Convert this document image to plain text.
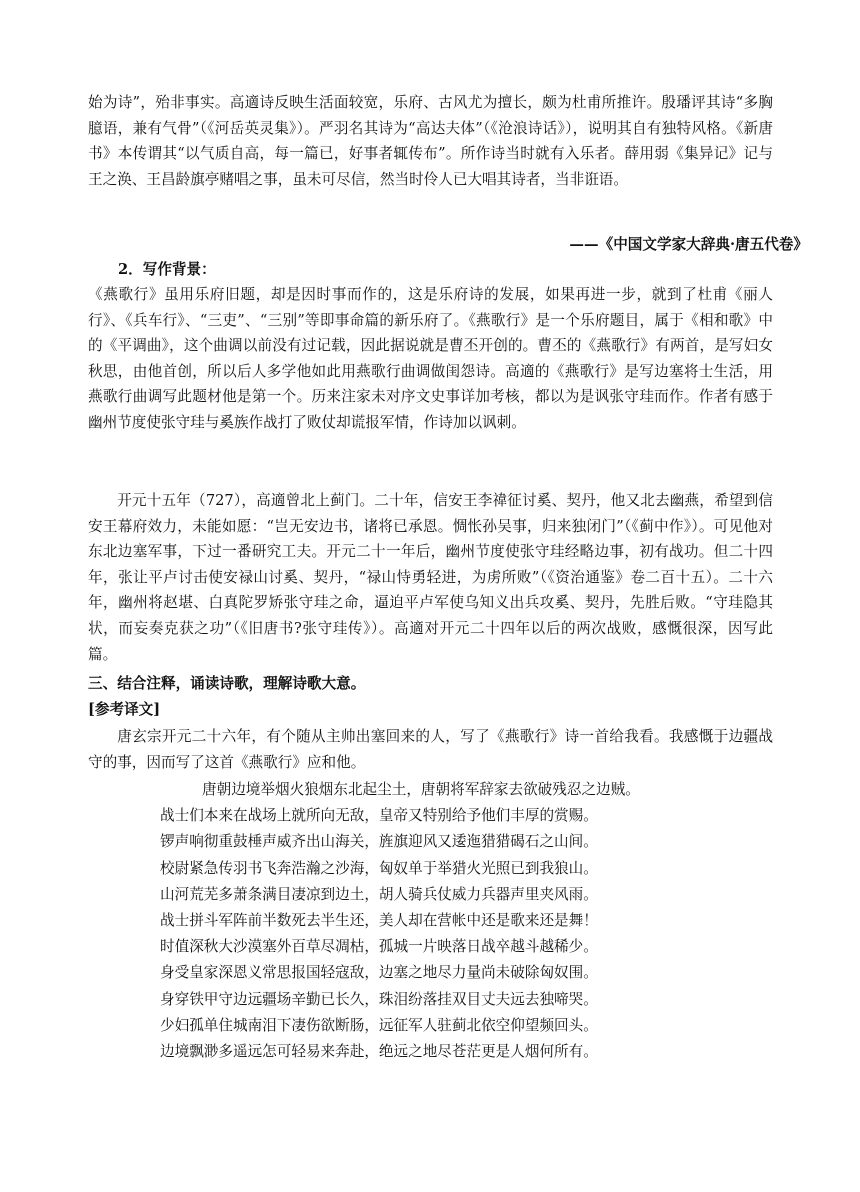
始为诗”，殆非事实。高適诗反映生活面较宽，乐府、古风尤为擅长，颇为杜甫所推许。殷璠评其诗“多胸臆语，兼有气骨”（《河岳英灵集》）。严羽名其诗为“高达夫体”（《沧浪诗话》），说明其自有独特风格。《新唐书》本传谓其“以气质自高，每一篇已，好事者辄传布”。所作诗当时就有入乐者。薛用弱《集异记》记与王之涣、王昌龄旗亭赌唱之事，虽未可尽信，然当时伶人已大唱其诗者，当非诳语。

——《中国文学家大辞典·唐五代卷》
2．写作背景：

《燕歌行》虽用乐府旧题，却是因时事而作的，这是乐府诗的发展，如果再进一步，就到了杜甫《丽人行》、《兵车行》、“三吏”、“三别”等即事命篇的新乐府了。《燕歌行》是一个乐府题目，属于《相和歌》中的《平调曲》，这个曲调以前没有过记载，因此据说就是曹丕开创的。曹丕的《燕歌行》有两首，是写妇女秋思，由他首创，所以后人多学他如此用燕歌行曲调做闺怨诗。高適的《燕歌行》是写边塞将士生活，用燕歌行曲调写此题材他是第一个。历来注家未对序文史事详加考核，都以为是讽张守珪而作。作者有感于幽州节度使张守珪与奚族作战打了败仗却谎报军情，作诗加以讽刺。

开元十五年（727），高適曾北上蓟门。二十年，信安王李禕征讨奚、契丹，他又北去幽燕，希望到信安王幕府效力，未能如愿：“岂无安边书，诸将已承恩。惆怅孙吴事，归来独闭门”（《蓟中作》）。可见他对东北边塞军事，下过一番研究工夫。开元二十一年后，幽州节度使张守珪经略边事，初有战功。但二十四年，张让平卢讨击使安禄山讨奚、契丹，“禄山恃勇轻进，为虏所败”（《资治通鉴》卷二百十五）。二十六年，幽州将赵堪、白真陀罗矫张守珪之命，逼迫平卢军使乌知义出兵攻奚、契丹，先胜后败。“守珪隐其状，而妄奏克获之功”（《旧唐书?张守珪传》）。高適对开元二十四年以后的两次战败，感慨很深，因写此篇。

三、结合注释，诵读诗歌，理解诗歌大意。
[参考译文]

唐玄宗开元二十六年，有个随从主帅出塞回来的人，写了《燕歌行》诗一首给我看。我感慨于边疆战守的事，因而写了这首《燕歌行》应和他。

唐朝边境举烟火狼烟东北起尘土，唐朝将军辞家去欲破残忍之边贼。
战士们本来在战场上就所向无敌，皇帝又特别给予他们丰厚的赏赐。
锣声响彻重鼓棰声威齐出山海关，旌旗迎风又逶迤猎猎碣石之山间。
校尉紧急传羽书飞奔浩瀚之沙海，匈奴单于举猎火光照已到我狼山。
山河荒芜多萧条满目凄凉到边土，胡人骑兵仗威力兵器声里夹风雨。
战士拼斗军阵前半数死去半生还，美人却在营帐中还是歌来还是舞！
时值深秋大沙漠塞外百草尽凋枯，孤城一片映落日战卒越斗越稀少。
身受皇家深恩义常思报国轻寇敌，边塞之地尽力量尚未破除匈奴围。
身穿铁甲守边远疆场辛勤已长久，珠泪纷落挂双目丈夫远去独啼哭。
少妇孤单住城南泪下凄伤欲断肠，远征军人驻蓟北依空仰望频回头。
边境飘渺多遥远怎可轻易来奔赴，绝远之地尽苍茫更是人烟何所有。
